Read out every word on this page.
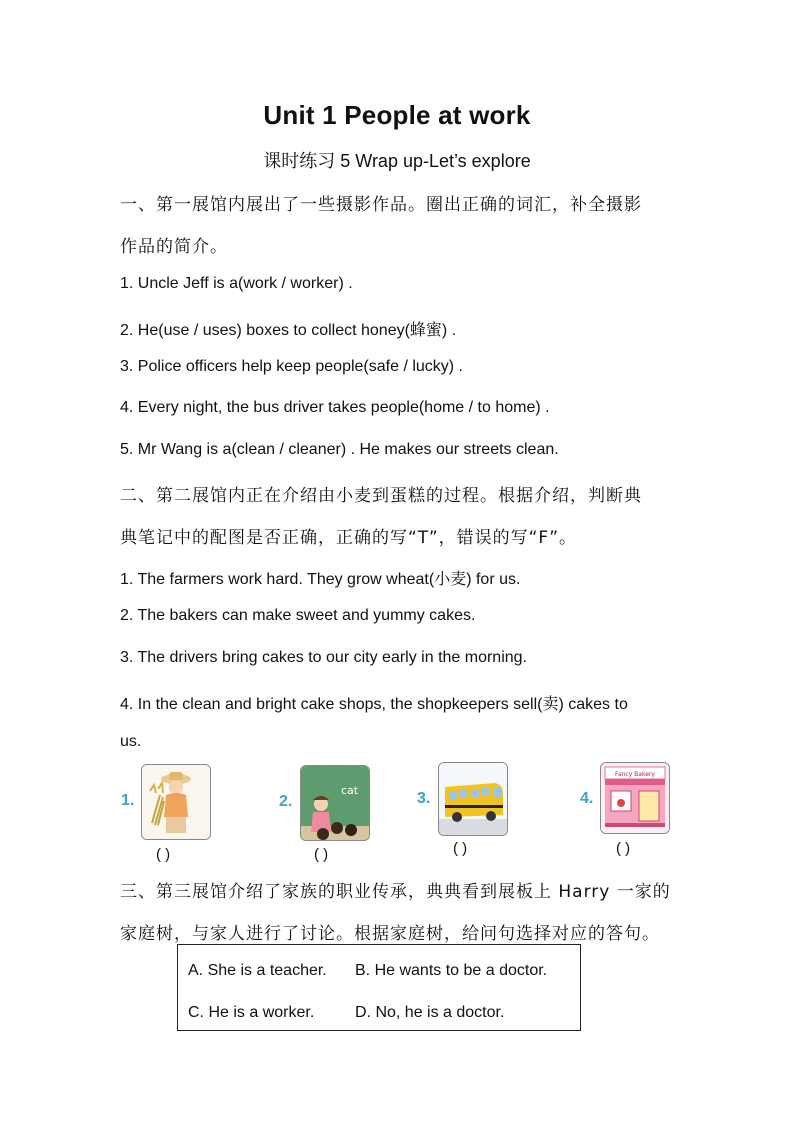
Unit 1 People at work
课时练习 5 Wrap up-Let’s explore
一、第一展馆内展出了一些摄影作品。圈出正确的词汇，补全摄影
作品的简介。
1. Uncle Jeff is a(work / worker) .
2. He(use / uses) boxes to collect honey(蜂蜜) .
3. Police officers help keep people(safe / lucky) .
4. Every night, the bus driver takes people(home / to home) .
5. Mr Wang is a(clean / cleaner) . He makes our streets clean.
二、第二展馆内正在介绍由小麦到蛋糕的过程。根据介绍，判断典
典笔记中的配图是否正确，正确的写“T”，错误的写“F”。
1. The farmers work hard. They grow wheat(小麦) for us.
2. The bakers can make sweet and yummy cakes.
3. The drivers bring cakes to our city early in the morning.
4. In the clean and bright cake shops, the shopkeepers sell(卖) cakes to
us.
1.
( )
2.
cat
( )
3.
( )
4.
Fancy Bakery
( )
三、第三展馆介绍了家族的职业传承，典典看到展板上 Harry 一家的
家庭树，与家人进行了讨论。根据家庭树，给问句选择对应的答句。
A. She is a teacher. B. He wants to be a doctor.
C. He is a worker.	D. No, he is a doctor.
